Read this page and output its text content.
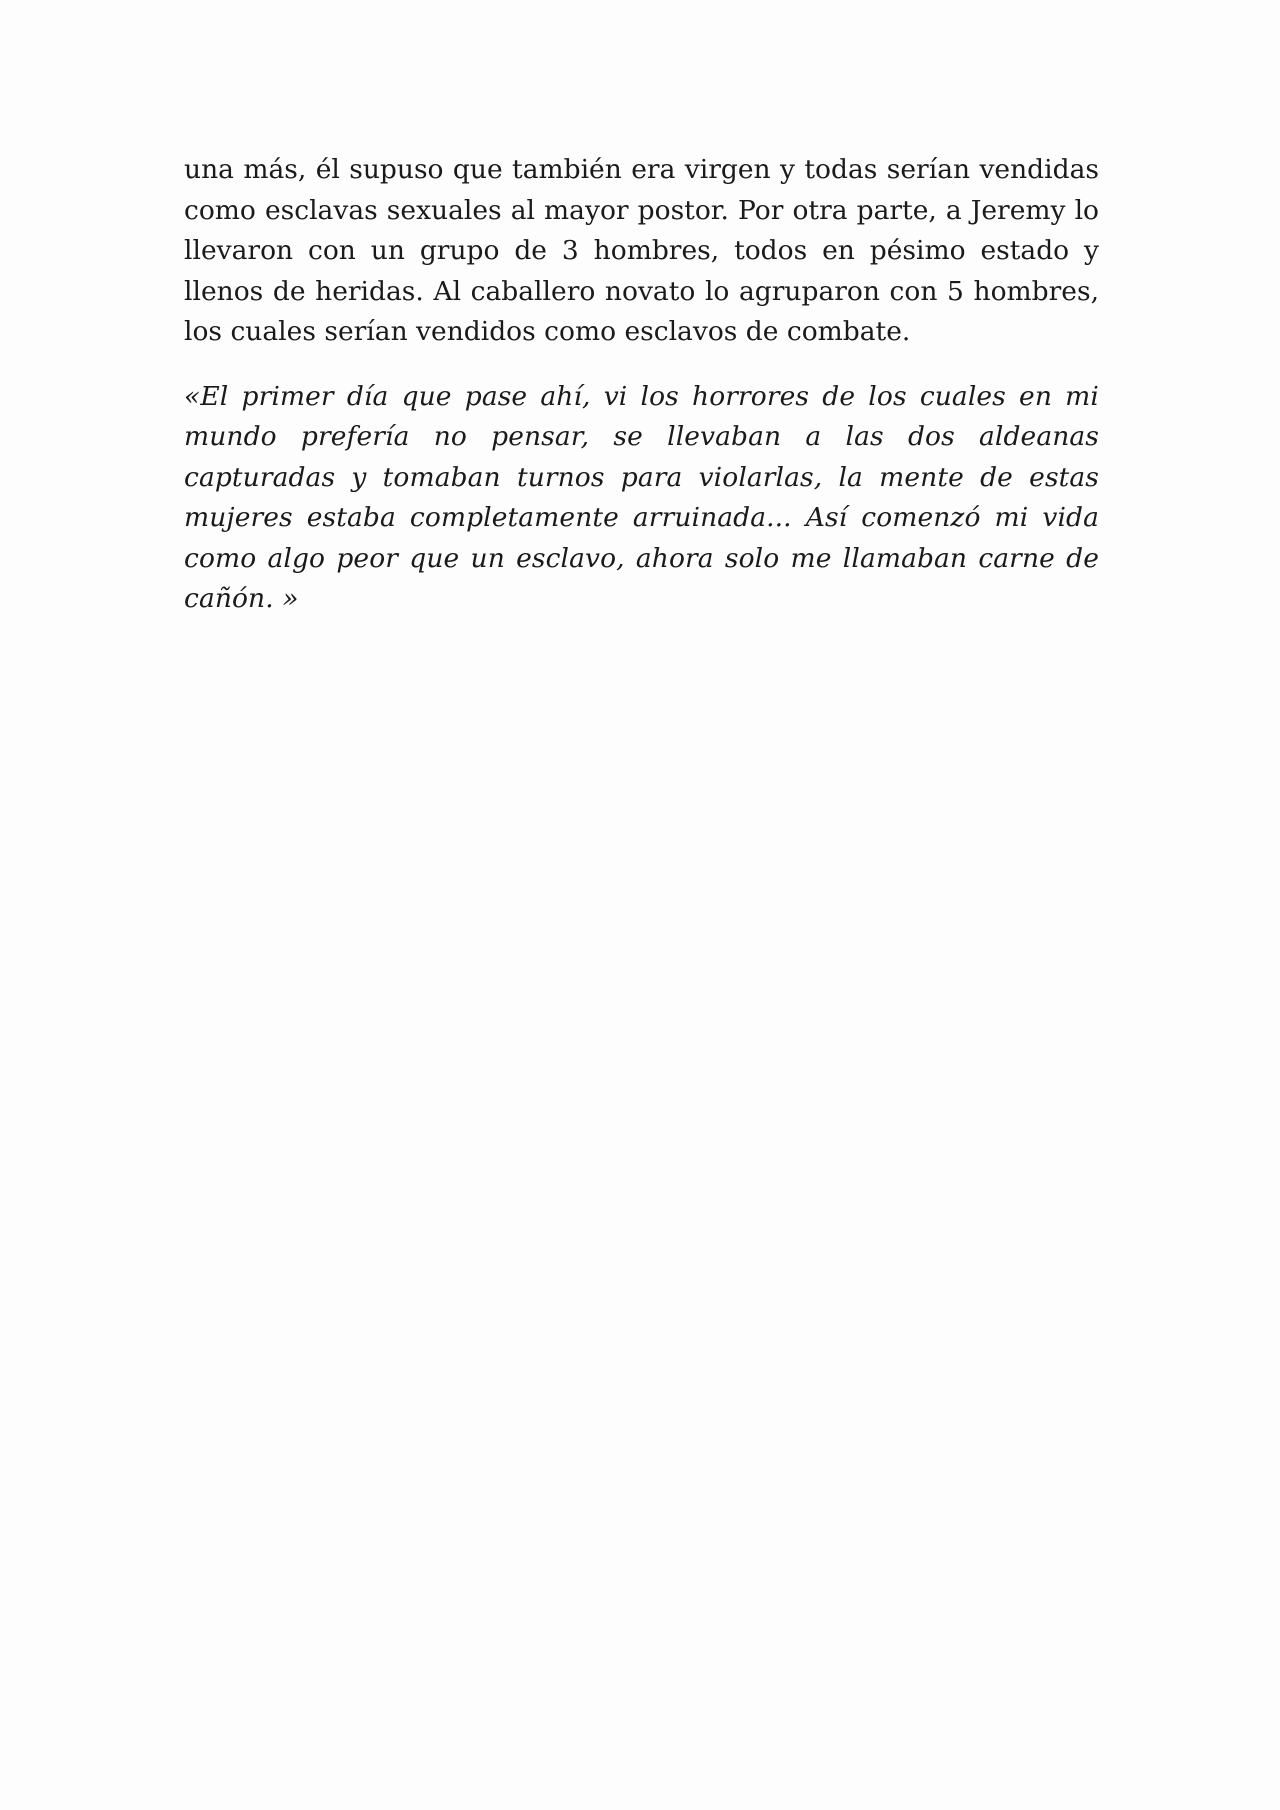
una más, él supuso que también era virgen y todas serían vendidas como esclavas sexuales al mayor postor. Por otra parte, a Jeremy lo llevaron con un grupo de 3 hombres, todos en pésimo estado y llenos de heridas. Al caballero novato lo agruparon con 5 hombres, los cuales serían vendidos como esclavos de combate.

«El primer día que pase ahí, vi los horrores de los cuales en mi mundo prefería no pensar, se llevaban a las dos aldeanas capturadas y tomaban turnos para violarlas, la mente de estas mujeres estaba completamente arruinada... Así comenzó mi vida como algo peor que un esclavo, ahora solo me llamaban carne de cañón. »
